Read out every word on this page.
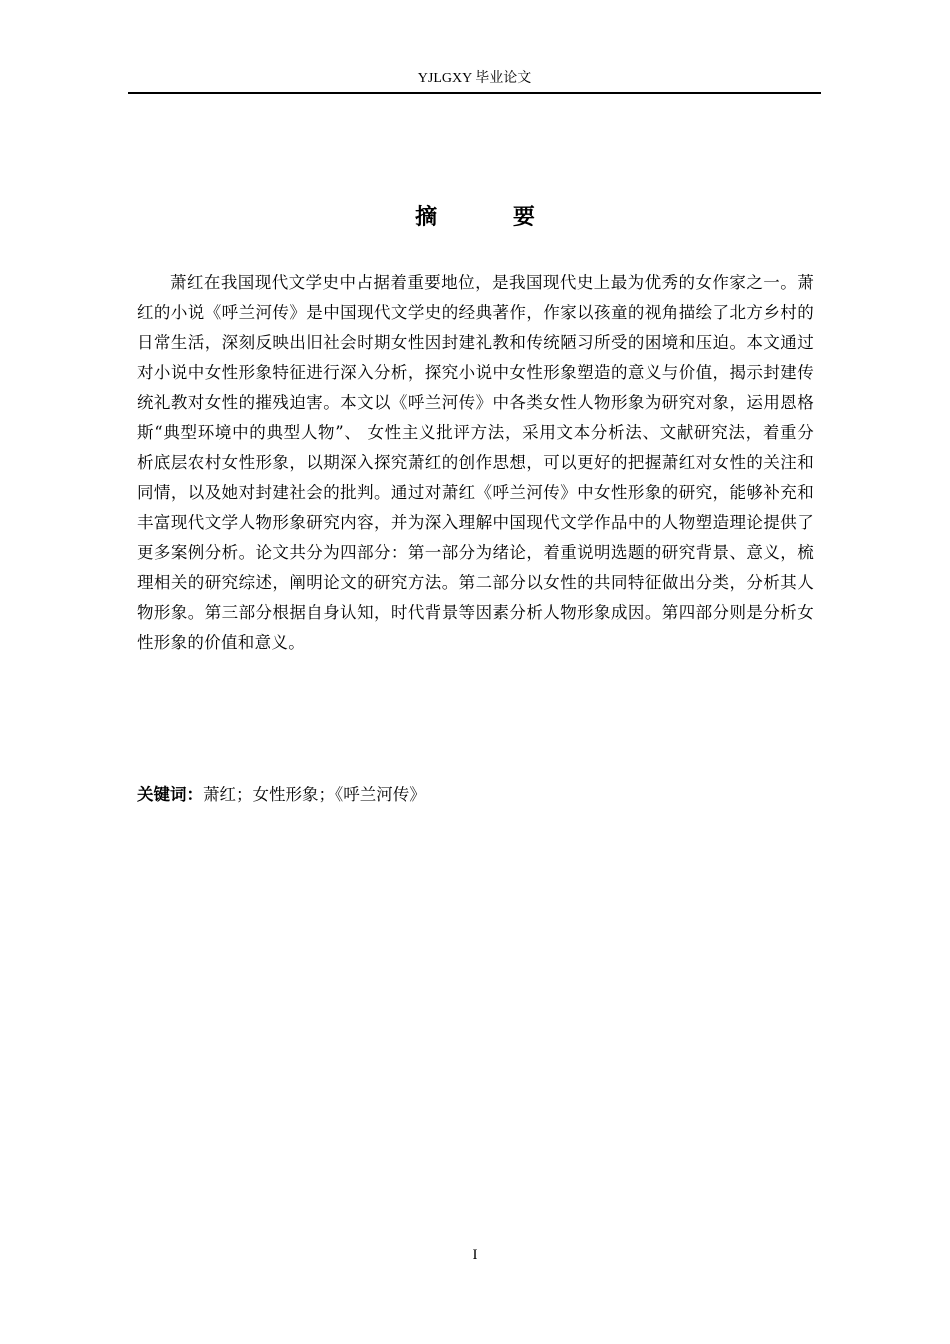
YJLGXY 毕业论文
摘 要

萧红在我国现代文学史中占据着重要地位，是我国现代史上最为优秀的女作家之一。萧红的小说《呼兰河传》是中国现代文学史的经典著作，作家以孩童的视角描绘了北方乡村的日常生活，深刻反映出旧社会时期女性因封建礼教和传统陋习所受的困境和压迫。本文通过对小说中女性形象特征进行深入分析，探究小说中女性形象塑造的意义与价值，揭示封建传统礼教对女性的摧残迫害。本文以《呼兰河传》中各类女性人物形象为研究对象，运用恩格斯“典型环境中的典型人物”、 女性主义批评方法，采用文本分析法、文献研究法，着重分析底层农村女性形象，以期深入探究萧红的创作思想，可以更好的把握萧红对女性的关注和同情，以及她对封建社会的批判。通过对萧红《呼兰河传》中女性形象的研究，能够补充和丰富现代文学人物形象研究内容，并为深入理解中国现代文学作品中的人物塑造理论提供了更多案例分析。论文共分为四部分：第一部分为绪论，着重说明选题的研究背景、意义，梳理相关的研究综述，阐明论文的研究方法。第二部分以女性的共同特征做出分类，分析其人物形象。第三部分根据自身认知，时代背景等因素分析人物形象成因。第四部分则是分析女性形象的价值和意义。

关键词：萧红；女性形象；《呼兰河传》
I
